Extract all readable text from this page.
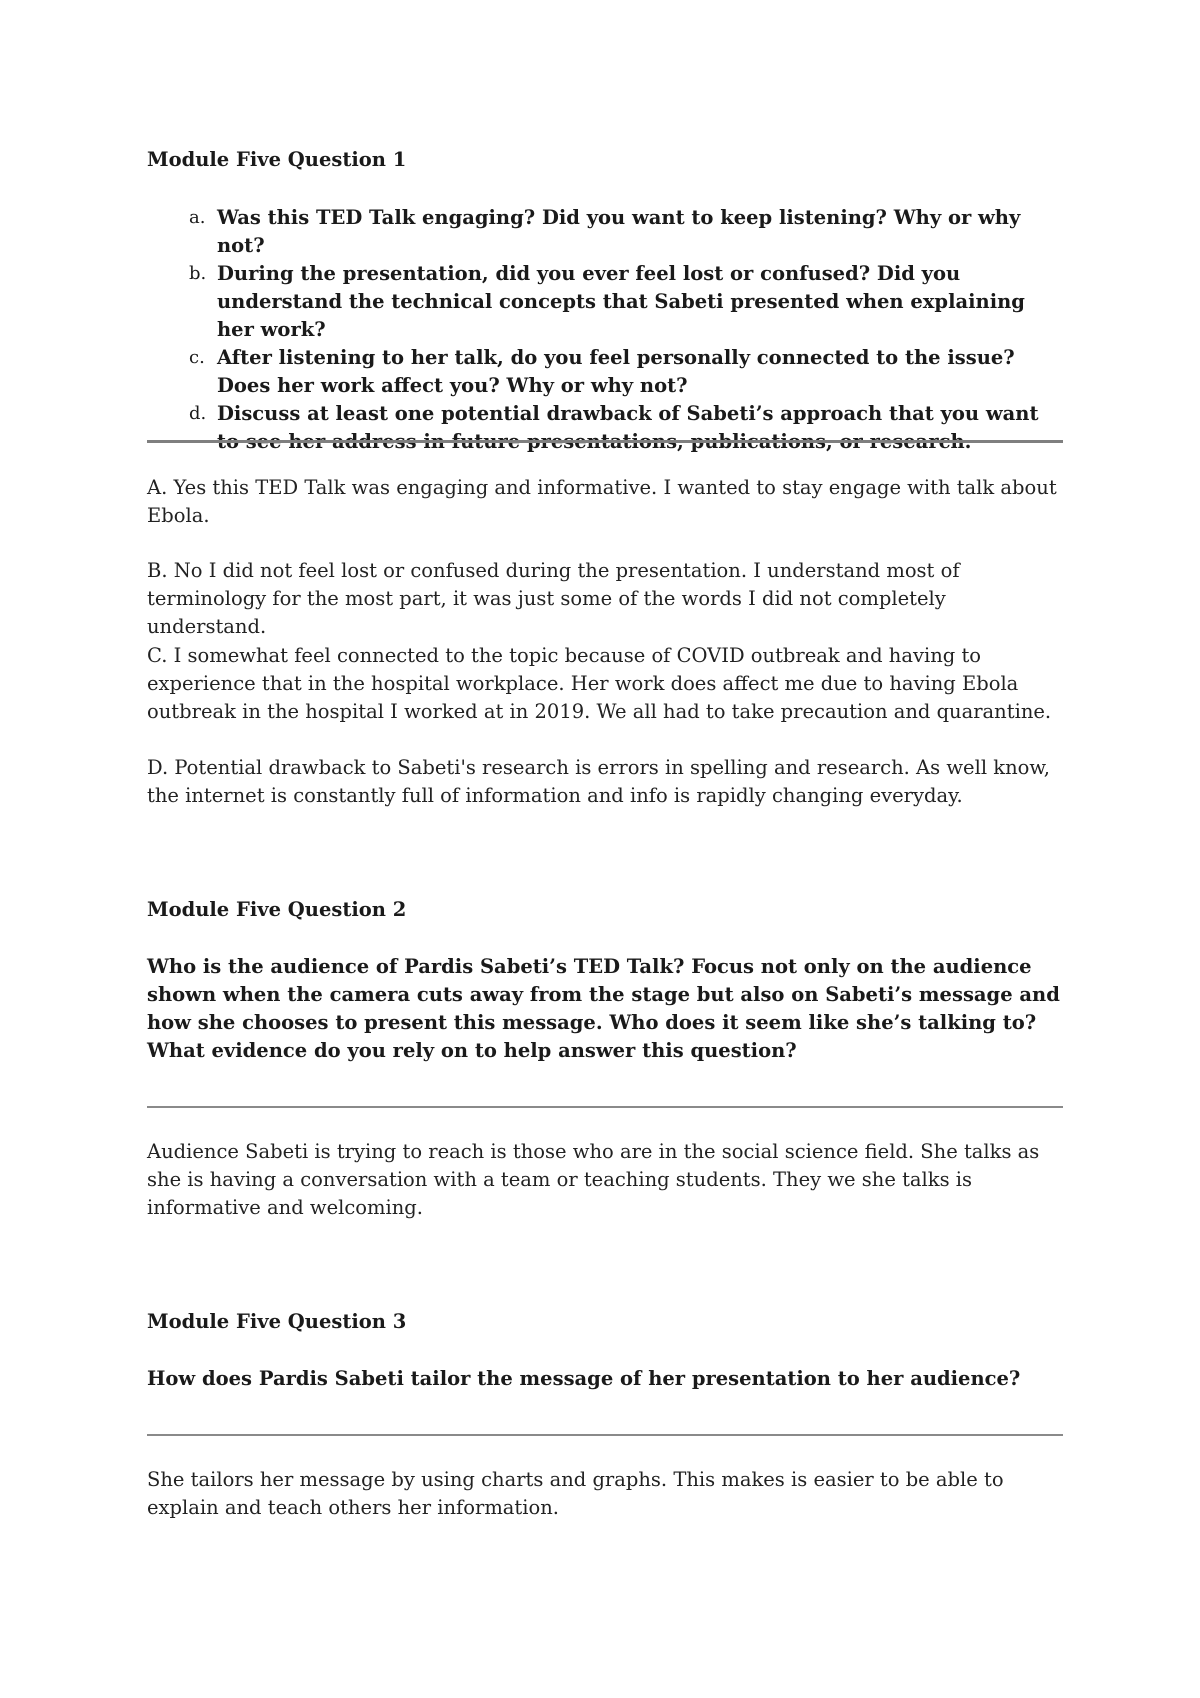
Module Five Question 1

a. Was this TED Talk engaging? Did you want to keep listening? Why or why not?
b. During the presentation, did you ever feel lost or confused? Did you understand the technical concepts that Sabeti presented when explaining her work?
c. After listening to her talk, do you feel personally connected to the issue? Does her work affect you? Why or why not?
d. Discuss at least one potential drawback of Sabeti’s approach that you want to see her address in future presentations, publications, or research.

A. Yes this TED Talk was engaging and informative. I wanted to stay engage with talk about Ebola.

B. No I did not feel lost or confused during the presentation. I understand most of terminology for the most part, it was just some of the words I did not completely understand.

C. I somewhat feel connected to the topic because of COVID outbreak and having to experience that in the hospital workplace. Her work does affect me due to having Ebola outbreak in the hospital I worked at in 2019. We all had to take precaution and quarantine.

D. Potential drawback to Sabeti's research is errors in spelling and research. As well know, the internet is constantly full of information and info is rapidly changing everyday.

Module Five Question 2

Who is the audience of Pardis Sabeti’s TED Talk? Focus not only on the audience shown when the camera cuts away from the stage but also on Sabeti’s message and how she chooses to present this message. Who does it seem like she’s talking to? What evidence do you rely on to help answer this question?

Audience Sabeti is trying to reach is those who are in the social science field. She talks as she is having a conversation with a team or teaching students. They we she talks is informative and welcoming.

Module Five Question 3

How does Pardis Sabeti tailor the message of her presentation to her audience?

She tailors her message by using charts and graphs. This makes is easier to be able to explain and teach others her information.
